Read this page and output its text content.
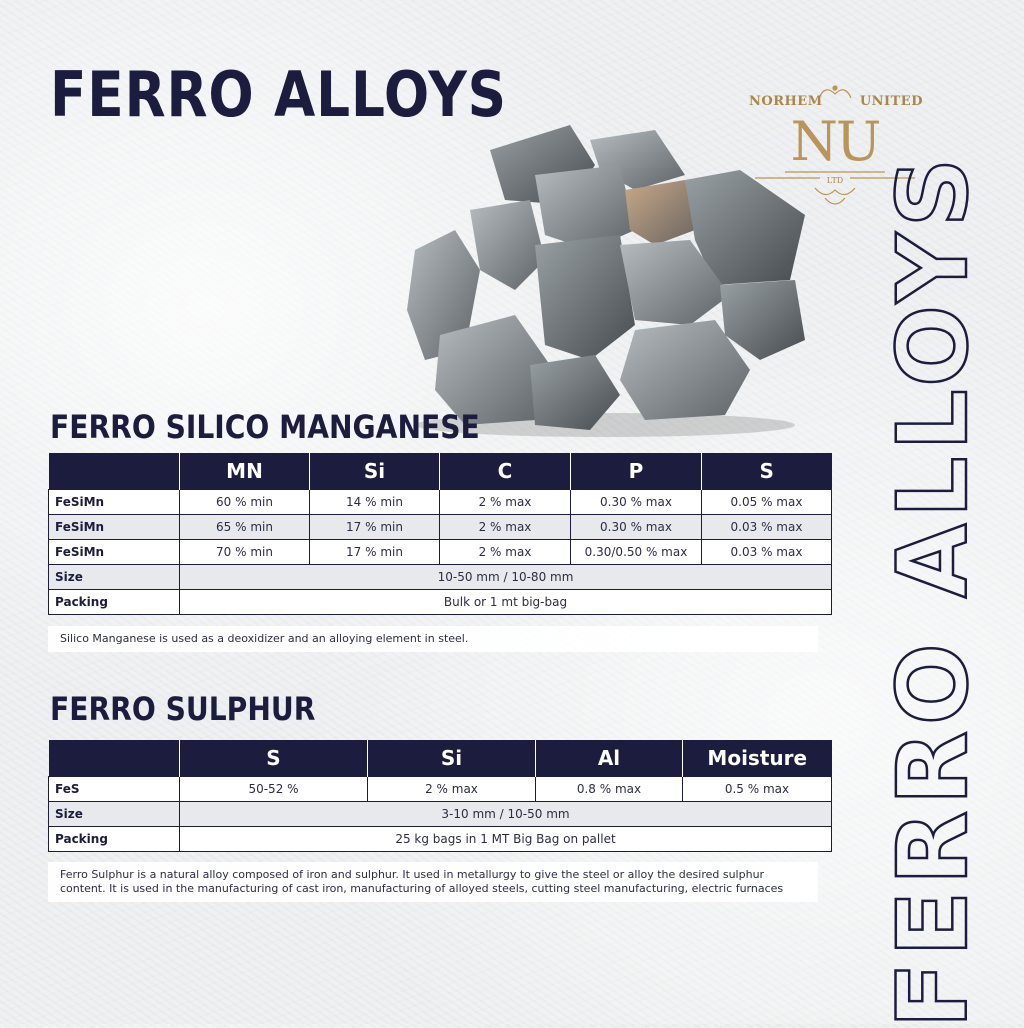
FERRO ALLOYS	NORHEM	UNITED
NU
LTD FERRO ALLOYS
FERRO SILICO MANGANESE
	MN	Si	C	P	S
FeSiMn	60 % min	14 % min	2 % max	0.30 % max	0.05 % max
FeSiMn	65 % min	17 % min	2 % max	0.30 % max	0.03 % max
FeSiMn	70 % min	17 % min	2 % max	0.30/0.50 % max	0.03 % max
Size	10-50 mm / 10-80 mm				
Packing	Bulk or 1 mt big-bag				
Silico Manganese is used as a deoxidizer and an alloying element in steel.
FERRO SULPHUR
	S	Si	Al	Moisture
FeS	50-52 %	2 % max	0.8 % max	0.5 % max
Size	3-10 mm / 10-50 mm			
Packing	25 kg bags in 1 MT Big Bag on pallet			
Ferro Sulphur is a natural alloy composed of iron and sulphur. It used in metallurgy to give the steel or alloy the desired sulphur content. It is used in the manufacturing of cast iron, manufacturing of alloyed steels, cutting steel manufacturing, electric furnaces
